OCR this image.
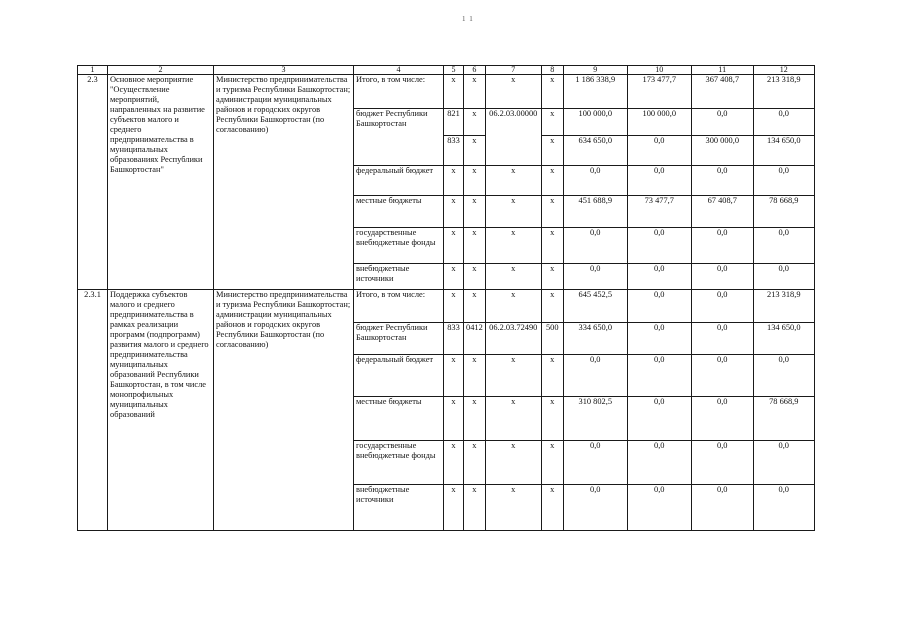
1 1
1	2	3	4	5	6	7	8	9	10	11	12
2.3	Основное мероприятие "Осуществление мероприятий, направленных на развитие субъектов малого и среднего предпринимательства в муниципальных образованиях Республики Башкортостан"	Министерство предпринимательства и туризма Республики Башкортостан; администрации муниципальных районов и городских округов Республики Башкортостан (по согласованию)	Итого, в том числе:	x	x	x	x	1 186 338,9	173 477,7	367 408,7	213 318,9
			бюджет Республики Башкортостан	821	x	06.2.03.00000	x	100 000,0	100 000,0	0,0	0,0
				833	x		x	634 650,0	0,0	300 000,0	134 650,0
			федеральный бюджет	x	x	x	x	0,0	0,0	0,0	0,0
			местные бюджеты	x	x	x	x	451 688,9	73 477,7	67 408,7	78 668,9
			государственные внебюджетные фонды	x	x	x	x	0,0	0,0	0,0	0,0
			внебюджетные источники	x	x	x	x	0,0	0,0	0,0	0,0
2.3.1	Поддержка субъектов малого и среднего предпринимательства в рамках реализации программ (подпрограмм) развития малого и среднего предпринимательства муниципальных образований Республики Башкортостан, в том числе монопрофильных муниципальных образований	Министерство предпринимательства и туризма Республики Башкортостан; администрации муниципальных районов и городских округов Республики Башкортостан (по согласованию)	Итого, в том числе:	x	x	x	x	645 452,5	0,0	0,0	213 318,9
			бюджет Республики Башкортостан	833	0412	06.2.03.72490	500	334 650,0	0,0	0,0	134 650,0
			федеральный бюджет	x	x	x	x	0,0	0,0	0,0	0,0
			местные бюджеты	x	x	x	x	310 802,5	0,0	0,0	78 668,9
			государственные внебюджетные фонды	x	x	x	x	0,0	0,0	0,0	0,0
			внебюджетные источники	x	x	x	x	0,0	0,0	0,0	0,0
